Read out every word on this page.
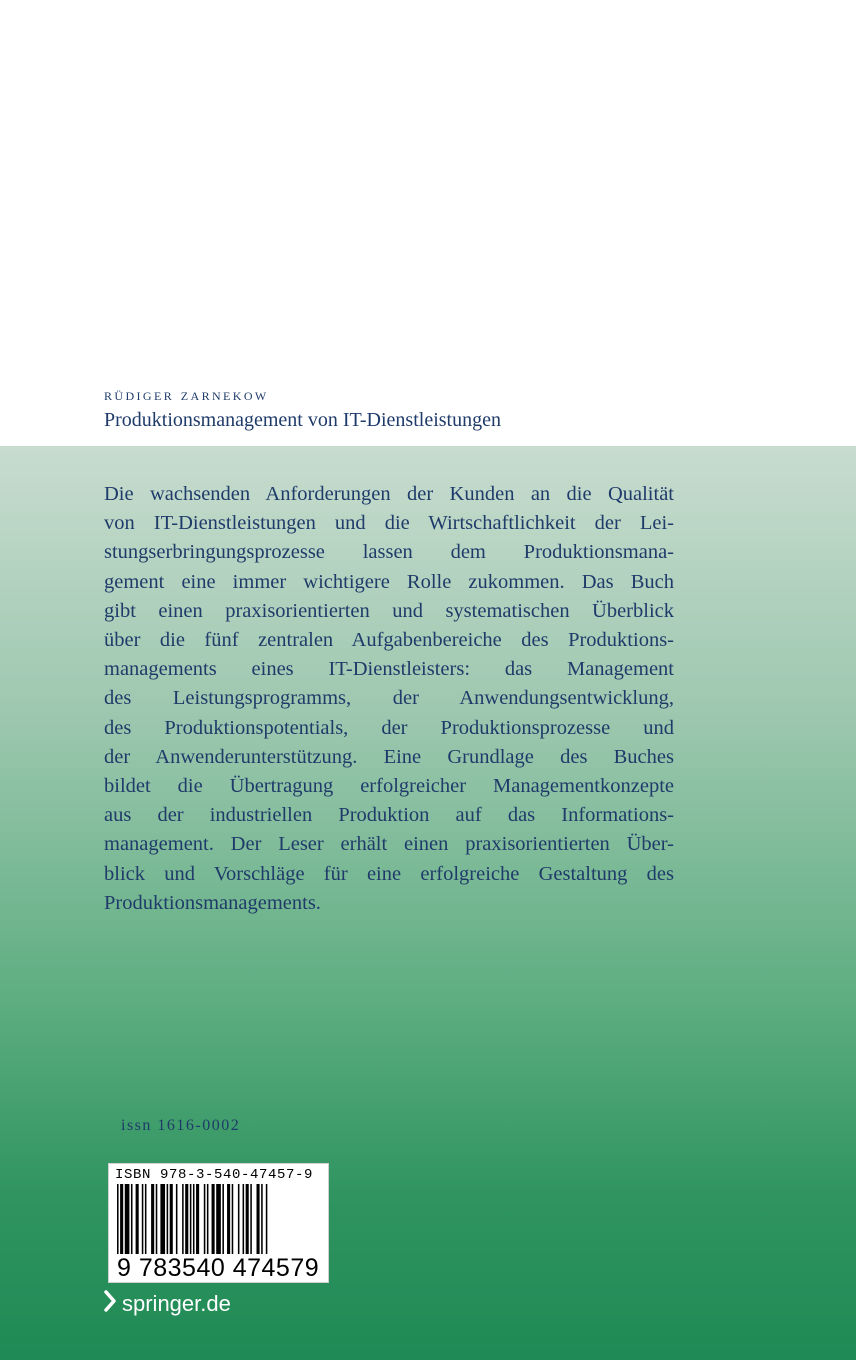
rüdiger zarnekow
Produktionsmanagement von IT-Dienstleistungen
Die wachsenden Anforderungen der Kunden an die Qualität
von IT-Dienstleistungen und die Wirtschaftlichkeit der Lei-
stungserbringungsprozesse lassen dem Produktionsmana-
gement eine immer wichtigere Rolle zukommen. Das Buch
gibt einen praxisorientierten und systematischen Überblick
über die fünf zentralen Aufgabenbereiche des Produktions-
managements eines IT-Dienstleisters: das Management
des Leistungsprogramms, der Anwendungsentwicklung,
des Produktionspotentials, der Produktionsprozesse und
der Anwenderunterstützung. Eine Grundlage des Buches
bildet die Übertragung erfolgreicher Managementkonzepte
aus der industriellen Produktion auf das Informations-
management. Der Leser erhält einen praxisorientierten Über-
blick und Vorschläge für eine erfolgreiche Gestaltung des
Produktionsmanagements.
issn 1616-0002
ISBN 978-3-540-47457-9
9 783540 474579
springer.de
